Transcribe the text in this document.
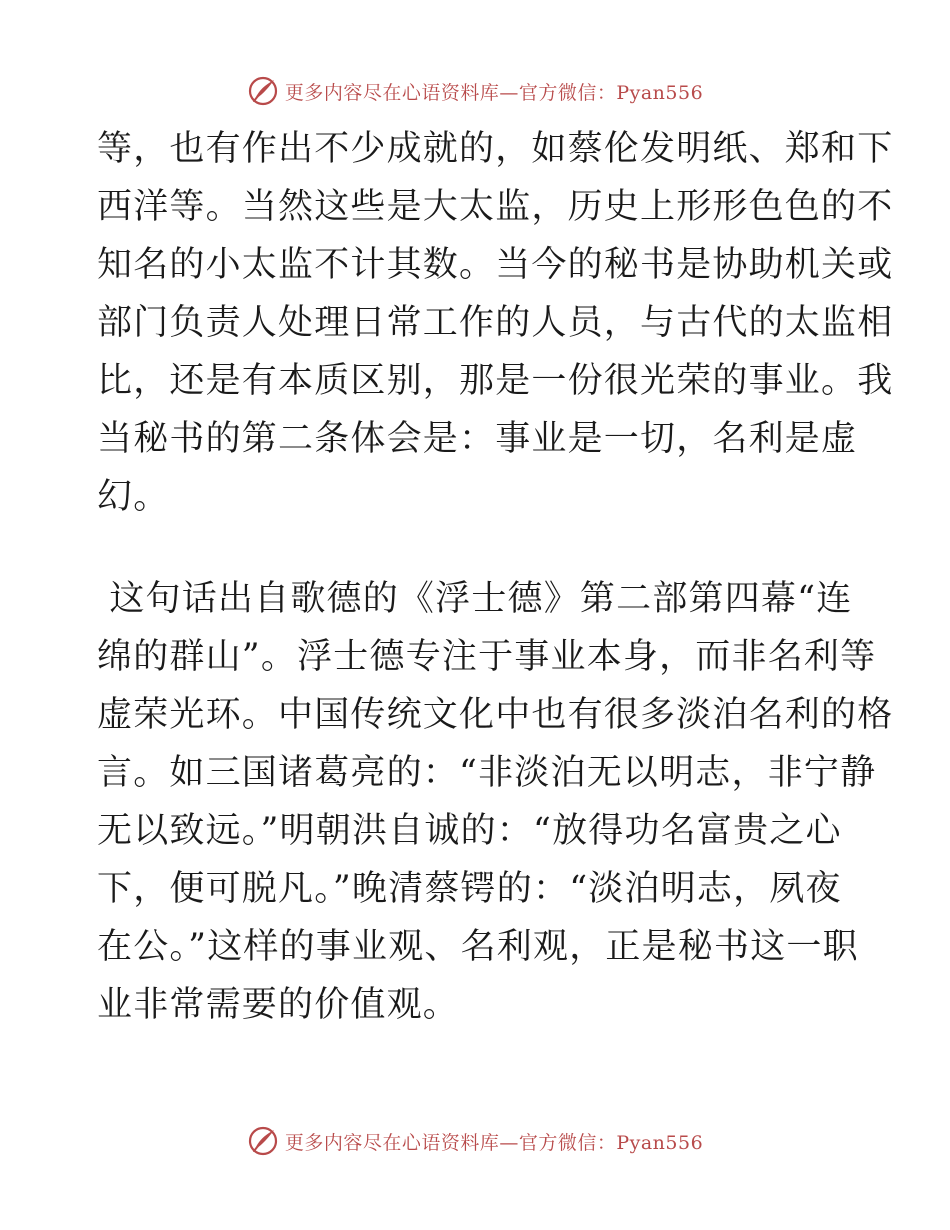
更多内容尽在心语资料库—官方微信：Pyan556
等，也有作出不少成就的，如蔡伦发明纸、郑和下
西洋等。当然这些是大太监，历史上形形色色的不
知名的小太监不计其数。当今的秘书是协助机关或
部门负责人处理日常工作的人员，与古代的太监相
比，还是有本质区别，那是一份很光荣的事业。我
当秘书的第二条体会是：事业是一切，名利是虚
幻。
这句话出自歌德的《浮士德》第二部第四幕“连
绵的群山”。浮士德专注于事业本身，而非名利等
虚荣光环。中国传统文化中也有很多淡泊名利的格
言。如三国诸葛亮的：“非淡泊无以明志，非宁静
无以致远。”明朝洪自诚的：“放得功名富贵之心
下，便可脱凡。”晚清蔡锷的：“淡泊明志，夙夜
在公。”这样的事业观、名利观，正是秘书这一职
业非常需要的价值观。
更多内容尽在心语资料库—官方微信：Pyan556
